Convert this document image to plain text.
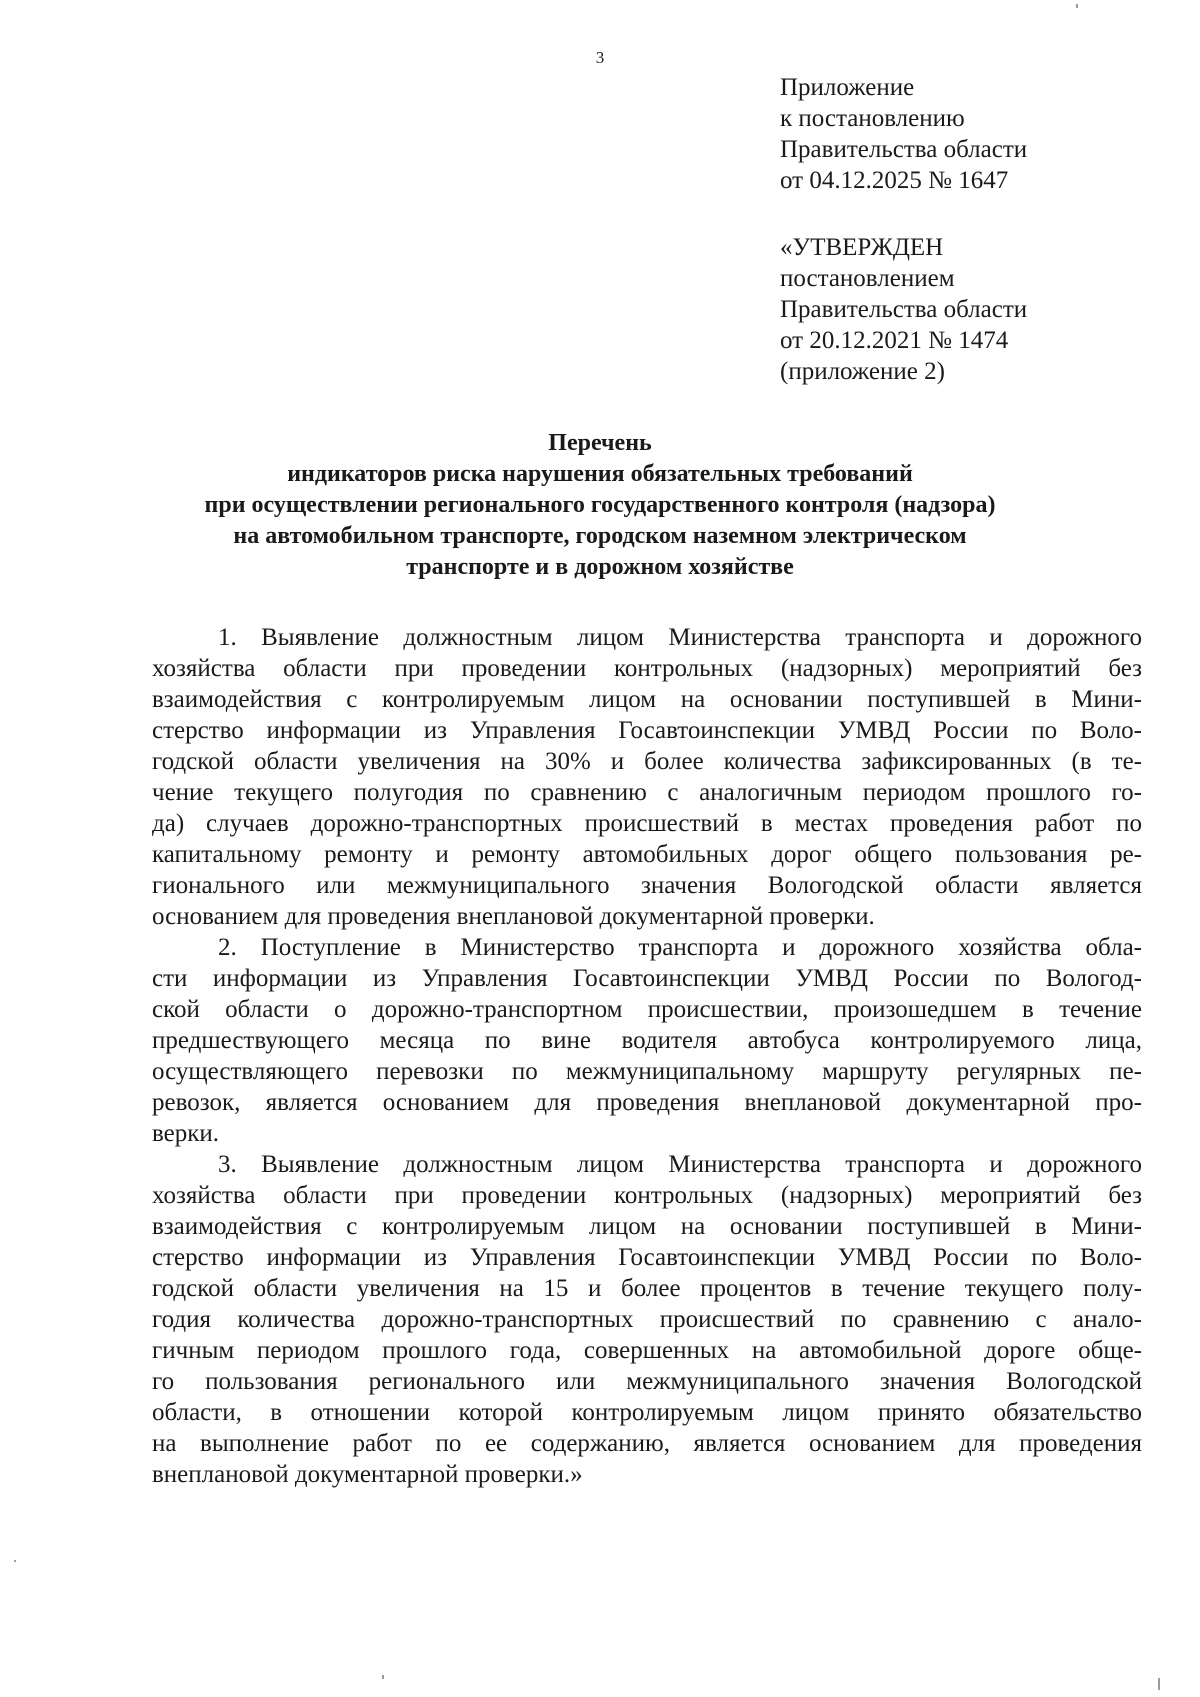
3
Приложение
к постановлению
Правительства области
от 04.12.2025 № 1647
«УТВЕРЖДЕН
постановлением
Правительства области
от 20.12.2021 № 1474
(приложение 2)
Перечень
индикаторов риска нарушения обязательных требований
при осуществлении регионального государственного контроля (надзора)
на автомобильном транспорте, городском наземном электрическом
транспорте и в дорожном хозяйстве
1. Выявление должностным лицом Министерства транспорта и дорожного
хозяйства области при проведении контрольных (надзорных) мероприятий без
взаимодействия с контролируемым лицом на основании поступившей в Мини-
стерство информации из Управления Госавтоинспекции УМВД России по Воло-
годской области увеличения на 30% и более количества зафиксированных (в те-
чение текущего полугодия по сравнению с аналогичным периодом прошлого го-
да) случаев дорожно-транспортных происшествий в местах проведения работ по
капитальному ремонту и ремонту автомобильных дорог общего пользования ре-
гионального или межмуниципального значения Вологодской области является
основанием для проведения внеплановой документарной проверки.
2. Поступление в Министерство транспорта и дорожного хозяйства обла-
сти информации из Управления Госавтоинспекции УМВД России по Вологод-
ской области о дорожно-транспортном происшествии, произошедшем в течение
предшествующего месяца по вине водителя автобуса контролируемого лица,
осуществляющего перевозки по межмуниципальному маршруту регулярных пе-
ревозок, является основанием для проведения внеплановой документарной про-
верки.
3. Выявление должностным лицом Министерства транспорта и дорожного
хозяйства области при проведении контрольных (надзорных) мероприятий без
взаимодействия с контролируемым лицом на основании поступившей в Мини-
стерство информации из Управления Госавтоинспекции УМВД России по Воло-
годской области увеличения на 15 и более процентов в течение текущего полу-
годия количества дорожно-транспортных происшествий по сравнению с анало-
гичным периодом прошлого года, совершенных на автомобильной дороге обще-
го пользования регионального или межмуниципального значения Вологодской
области, в отношении которой контролируемым лицом принято обязательство
на выполнение работ по ее содержанию, является основанием для проведения
внеплановой документарной проверки.»
